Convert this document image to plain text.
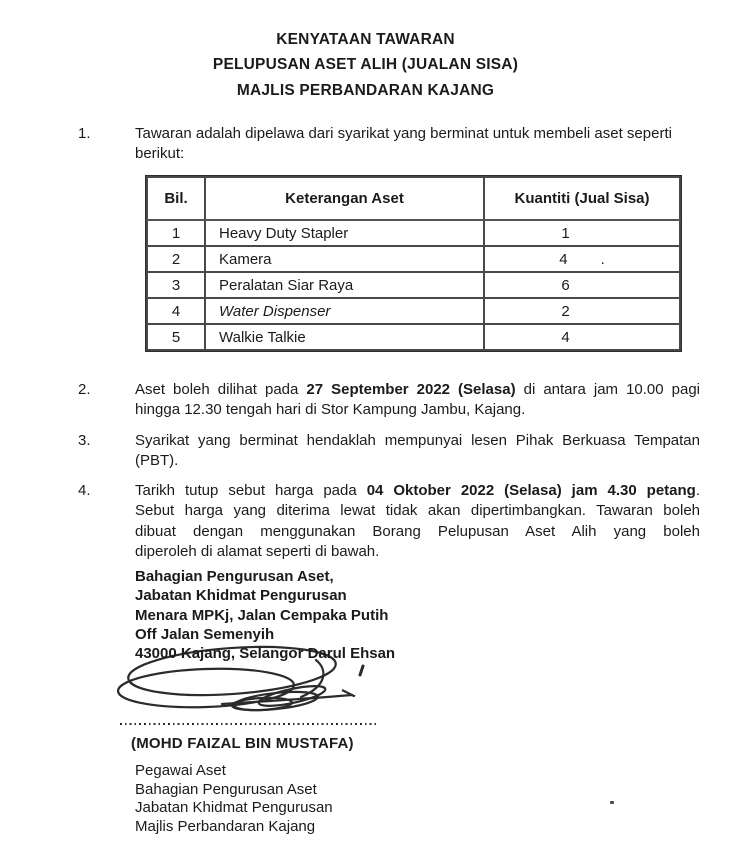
KENYATAAN TAWARAN
PELUPUSAN ASET ALIH (JUALAN SISA)
MAJLIS PERBANDARAN KAJANG
1.	Tawaran adalah dipelawa dari syarikat yang berminat untuk membeli aset seperti
berikut:
Bil.	Keterangan Aset	Kuantiti (Jual Sisa)
1	Heavy Duty Stapler	1
2	Kamera	4 .
3	Peralatan Siar Raya	6
4	Water Dispenser	2
5	Walkie Talkie	4
2.	Aset boleh dilihat pada 27 September 2022 (Selasa) di antara jam 10.00 pagi
hingga 12.30 tengah hari di Stor Kampung Jambu, Kajang.
3.	Syarikat yang berminat hendaklah mempunyai lesen Pihak Berkuasa Tempatan
(PBT).
4.	Tarikh tutup sebut harga pada 04 Oktober 2022 (Selasa) jam 4.30 petang.
Sebut harga yang diterima lewat tidak akan dipertimbangkan. Tawaran boleh
dibuat dengan menggunakan Borang Pelupusan Aset Alih yang boleh
diperoleh di alamat seperti di bawah.
Bahagian Pengurusan Aset,
Jabatan Khidmat Pengurusan
Menara MPKj, Jalan Cempaka Putih
Off Jalan Semenyih
43000 Kajang, Selangor Darul Ehsan
(MOHD FAIZAL BIN MUSTAFA)
Pegawai Aset
Bahagian Pengurusan Aset
Jabatan Khidmat Pengurusan
Majlis Perbandaran Kajang
